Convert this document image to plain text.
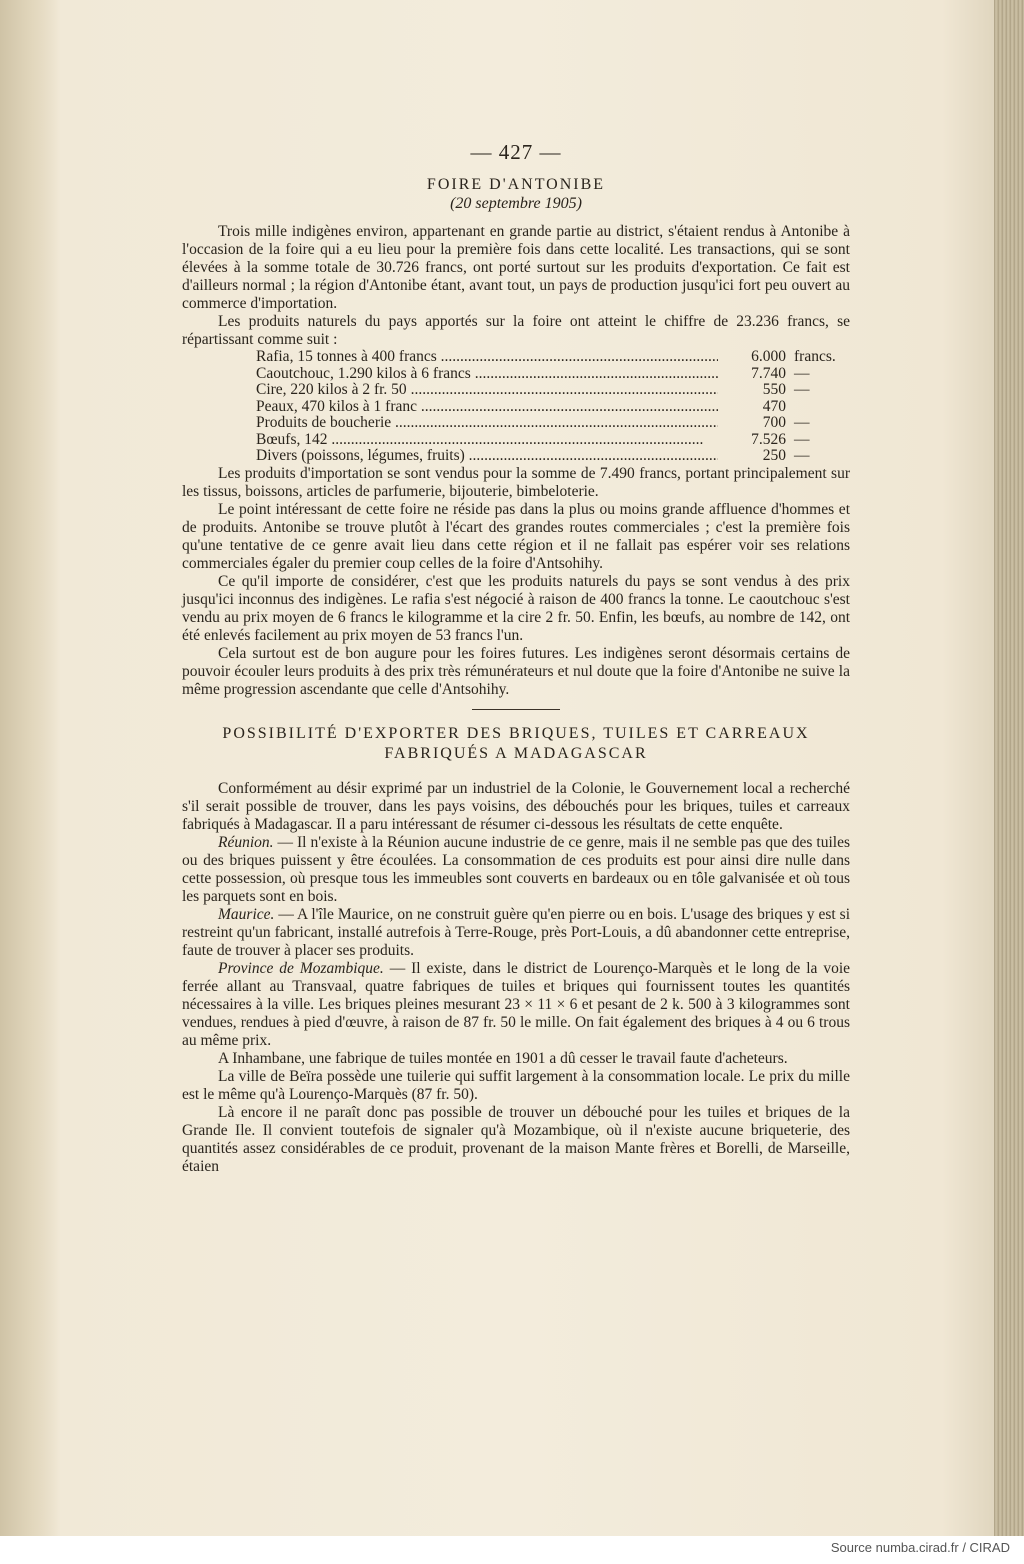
— 427 —
FOIRE D'ANTONIBE
(20 septembre 1905)

Trois mille indigènes environ, appartenant en grande partie au district, s'étaient rendus à Antonibe à l'occasion de la foire qui a eu lieu pour la première fois dans cette localité. Les transactions, qui se sont élevées à la somme totale de 30.726 francs, ont porté surtout sur les produits d'exportation. Ce fait est d'ailleurs normal ; la région d'Antonibe étant, avant tout, un pays de production jusqu'ici fort peu ouvert au commerce d'importation.

Les produits naturels du pays apportés sur la foire ont atteint le chiffre de 23.236 francs, se répartissant comme suit :

Rafia, 15 tonnes à 400 francs .....	6.000 francs.
Caoutchouc, 1.290 kilos à 6 francs .....	7.740 —
Cire, 220 kilos à 2 fr. 50 .....	550 —
Peaux, 470 kilos à 1 franc .....	470
Produits de boucherie .....	700 —
Bœufs, 142 .....	7.526 —
Divers (poissons, légumes, fruits) .....	250 —

Les produits d'importation se sont vendus pour la somme de 7.490 francs, portant principalement sur les tissus, boissons, articles de parfumerie, bijouterie, bimbeloterie.

Le point intéressant de cette foire ne réside pas dans la plus ou moins grande affluence d'hommes et de produits. Antonibe se trouve plutôt à l'écart des grandes routes commerciales ; c'est la première fois qu'une tentative de ce genre avait lieu dans cette région et il ne fallait pas espérer voir ses relations commerciales égaler du premier coup celles de la foire d'Antsohihy.

Ce qu'il importe de considérer, c'est que les produits naturels du pays se sont vendus à des prix jusqu'ici inconnus des indigènes. Le rafia s'est négocié à raison de 400 francs la tonne. Le caoutchouc s'est vendu au prix moyen de 6 francs le kilogramme et la cire 2 fr. 50. Enfin, les bœufs, au nombre de 142, ont été enlevés facilement au prix moyen de 53 francs l'un.

Cela surtout est de bon augure pour les foires futures. Les indigènes seront désormais certains de pouvoir écouler leurs produits à des prix très rémunérateurs et nul doute que la foire d'Antonibe ne suive la même progression ascendante que celle d'Antsohihy.

POSSIBILITÉ D'EXPORTER DES BRIQUES, TUILES ET CARREAUX
FABRIQUÉS A MADAGASCAR

Conformément au désir exprimé par un industriel de la Colonie, le Gouvernement local a recherché s'il serait possible de trouver, dans les pays voisins, des débouchés pour les briques, tuiles et carreaux fabriqués à Madagascar. Il a paru intéressant de résumer ci-dessous les résultats de cette enquête.

Réunion. — Il n'existe à la Réunion aucune industrie de ce genre, mais il ne semble pas que des tuiles ou des briques puissent y être écoulées. La consommation de ces produits est pour ainsi dire nulle dans cette possession, où presque tous les immeubles sont couverts en bardeaux ou en tôle galvanisée et où tous les parquets sont en bois.

Maurice. — A l'île Maurice, on ne construit guère qu'en pierre ou en bois. L'usage des briques y est si restreint qu'un fabricant, installé autrefois à Terre-Rouge, près Port-Louis, a dû abandonner cette entreprise, faute de trouver à placer ses produits.

Province de Mozambique. — Il existe, dans le district de Lourenço-Marquès et le long de la voie ferrée allant au Transvaal, quatre fabriques de tuiles et briques qui fournissent toutes les quantités nécessaires à la ville. Les briques pleines mesurant 23 × 11 × 6 et pesant de 2 k. 500 à 3 kilogrammes sont vendues, rendues à pied d'œuvre, à raison de 87 fr. 50 le mille. On fait également des briques à 4 ou 6 trous au même prix.

A Inhambane, une fabrique de tuiles montée en 1901 a dû cesser le travail faute d'acheteurs.

La ville de Beïra possède une tuilerie qui suffit largement à la consommation locale. Le prix du mille est le même qu'à Lourenço-Marquès (87 fr. 50).

Là encore il ne paraît donc pas possible de trouver un débouché pour les tuiles et briques de la Grande Ile. Il convient toutefois de signaler qu'à Mozambique, où il n'existe aucune briqueterie, des quantités assez considérables de ce produit, provenant de la maison Mante frères et Borelli, de Marseille, étaien

Source numba.cirad.fr / CIRAD
